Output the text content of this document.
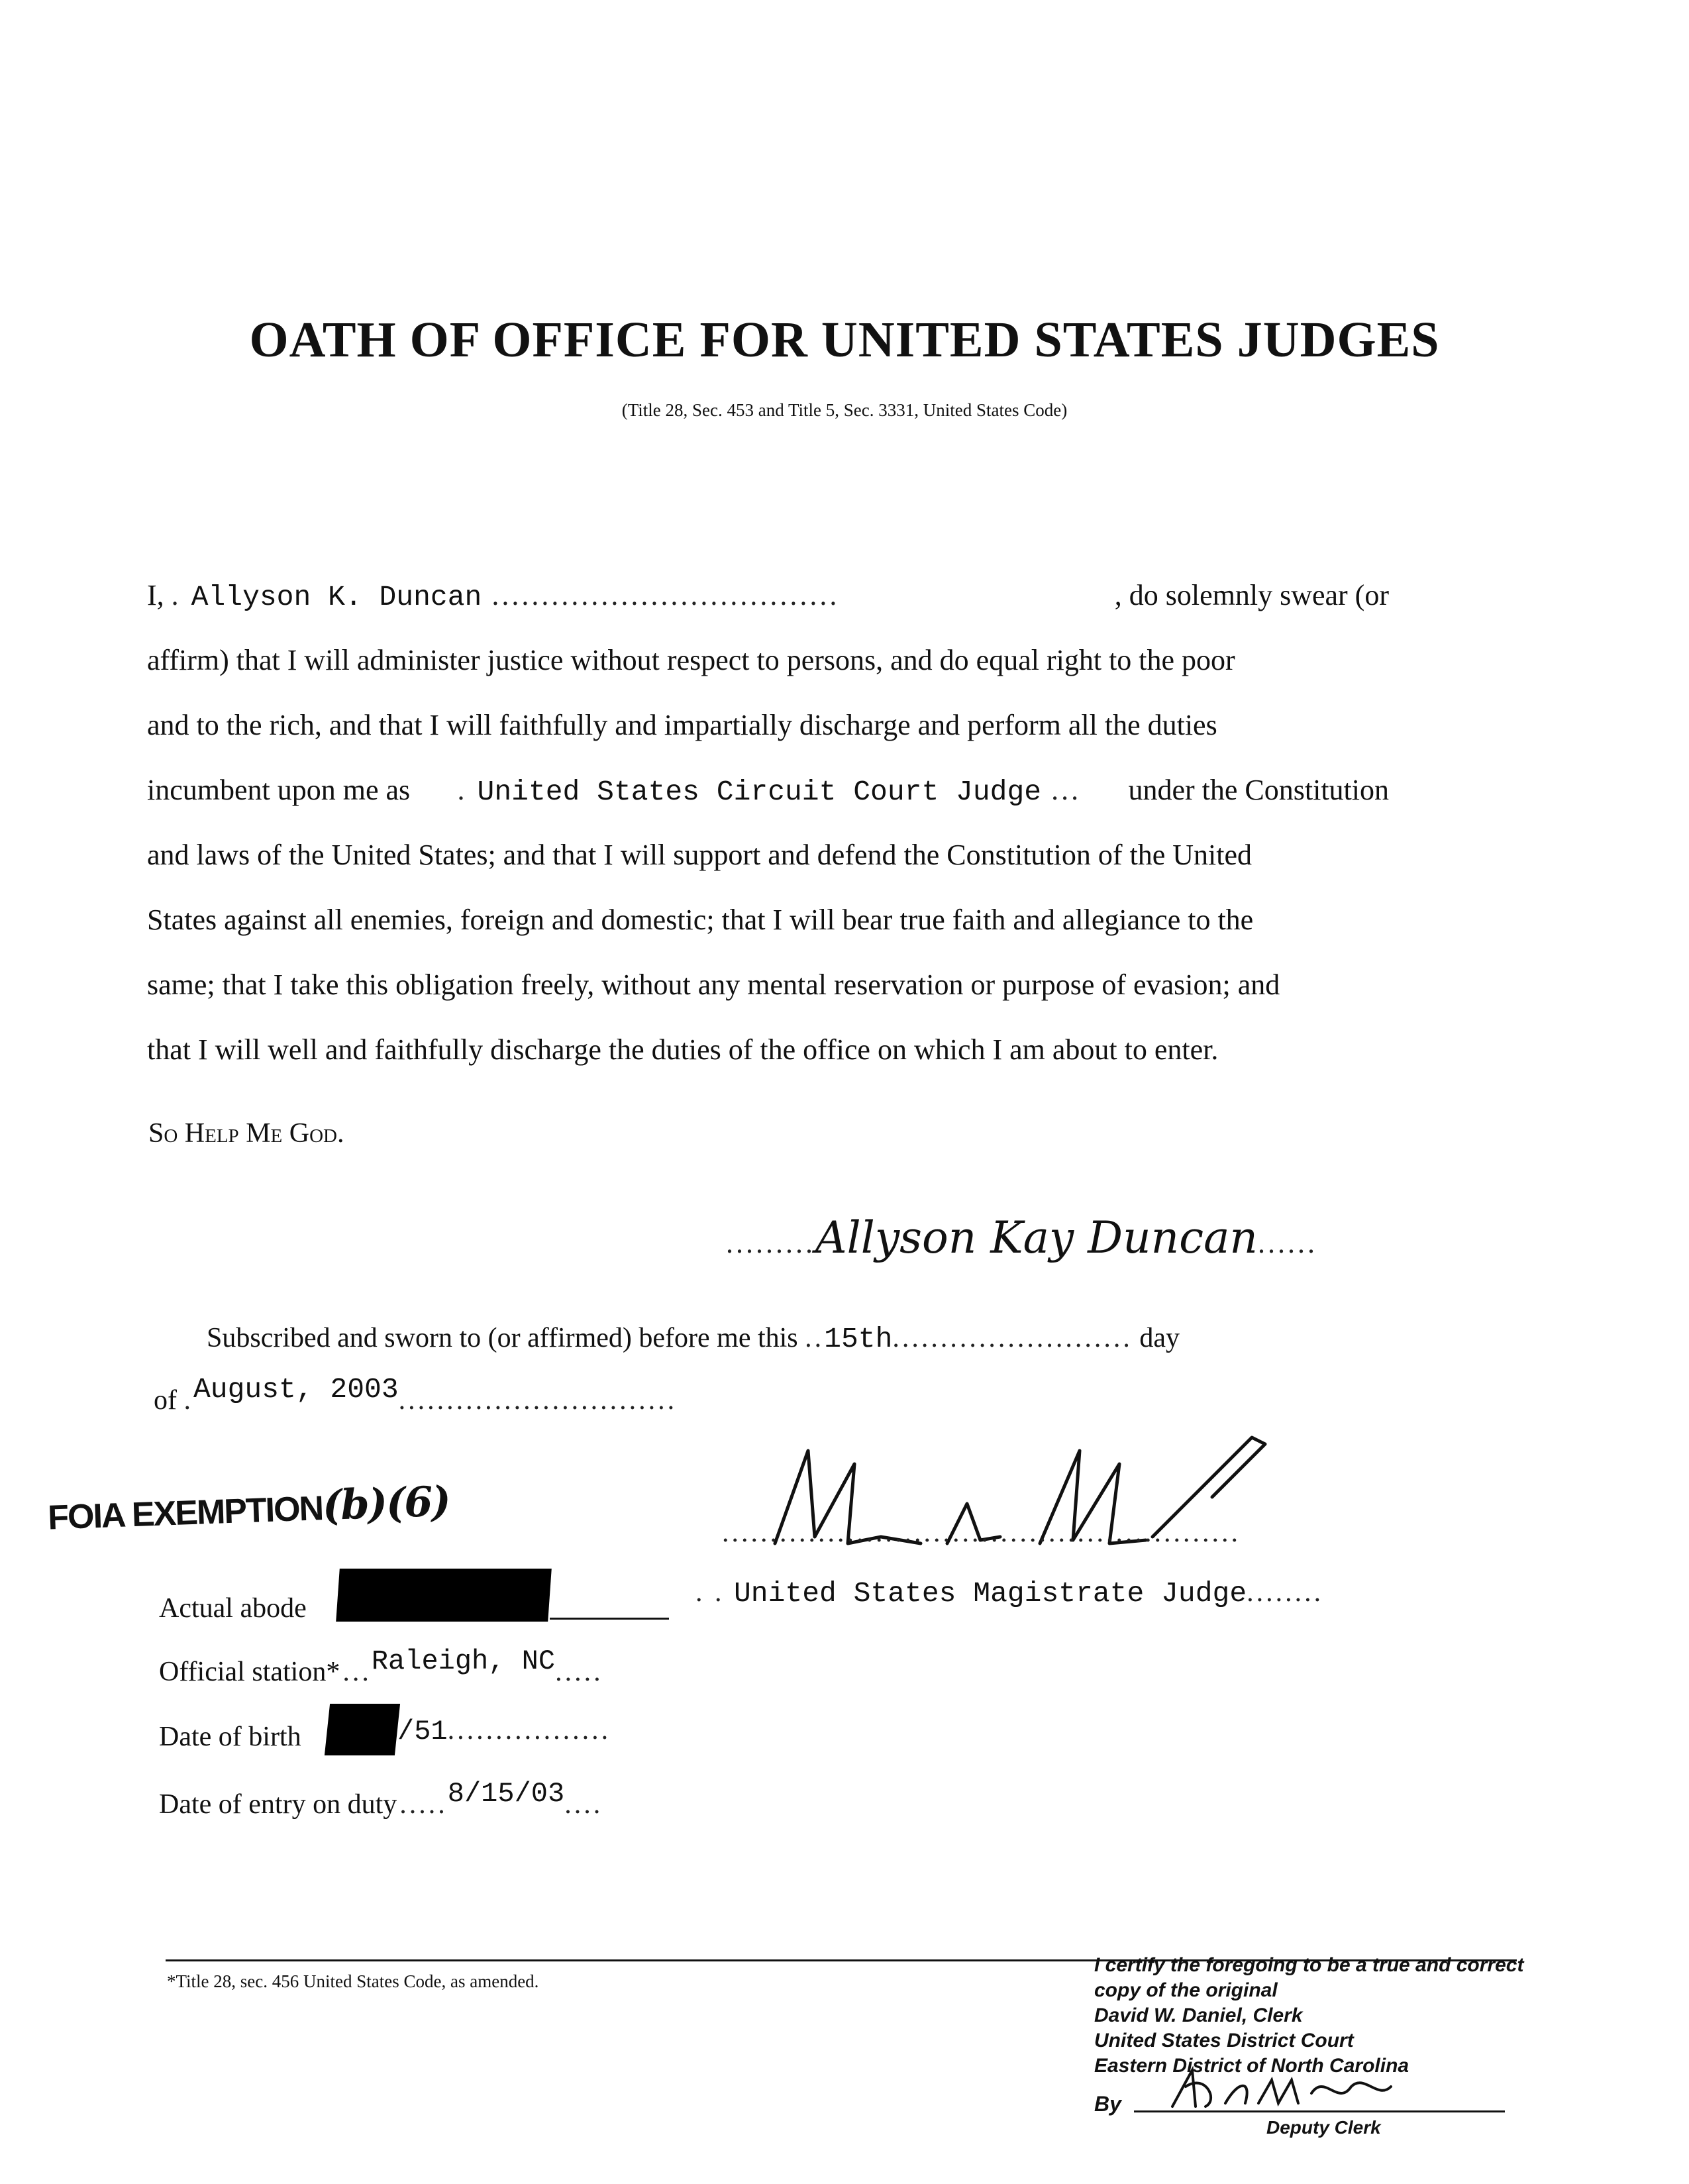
OATH OF OFFICE FOR UNITED STATES JUDGES
(Title 28, Sec. 453 and Title 5, Sec. 3331, United States Code)
I, . Allyson K. Duncan ...................................	, do solemnly swear (or
affirm) that I will administer justice without respect to persons, and do equal right to the poor
and to the rich, and that I will faithfully and impartially discharge and perform all the duties
incumbent upon me as . United States Circuit Court Judge ... under the Constitution
and laws of the United States; and that I will support and defend the Constitution of the United
States against all enemies, foreign and domestic; that I will bear true faith and allegiance to the
same; that I take this obligation freely, without any mental reservation or purpose of evasion; and
that I will well and faithfully discharge the duties of the office on which I am about to enter.
So Help Me God.
.........Allyson Kay Duncan......
Subscribed and sworn to (or affirmed) before me this ..15th......................... day
of .August, 2003.............................
......................................................
. . United States Magistrate Judge........
FOIA EXEMPTION(b)(6)
Actual abode
Official station* ...Raleigh, NC.....
Date of birth	/51.................
Date of entry on duty .....8/15/03....
*Title 28, sec. 456 United States Code, as amended.
I certify the foregoing to be a true and correct
copy of the original
David W. Daniel, Clerk
United States District Court
Eastern District of North Carolina
By
Deputy Clerk
